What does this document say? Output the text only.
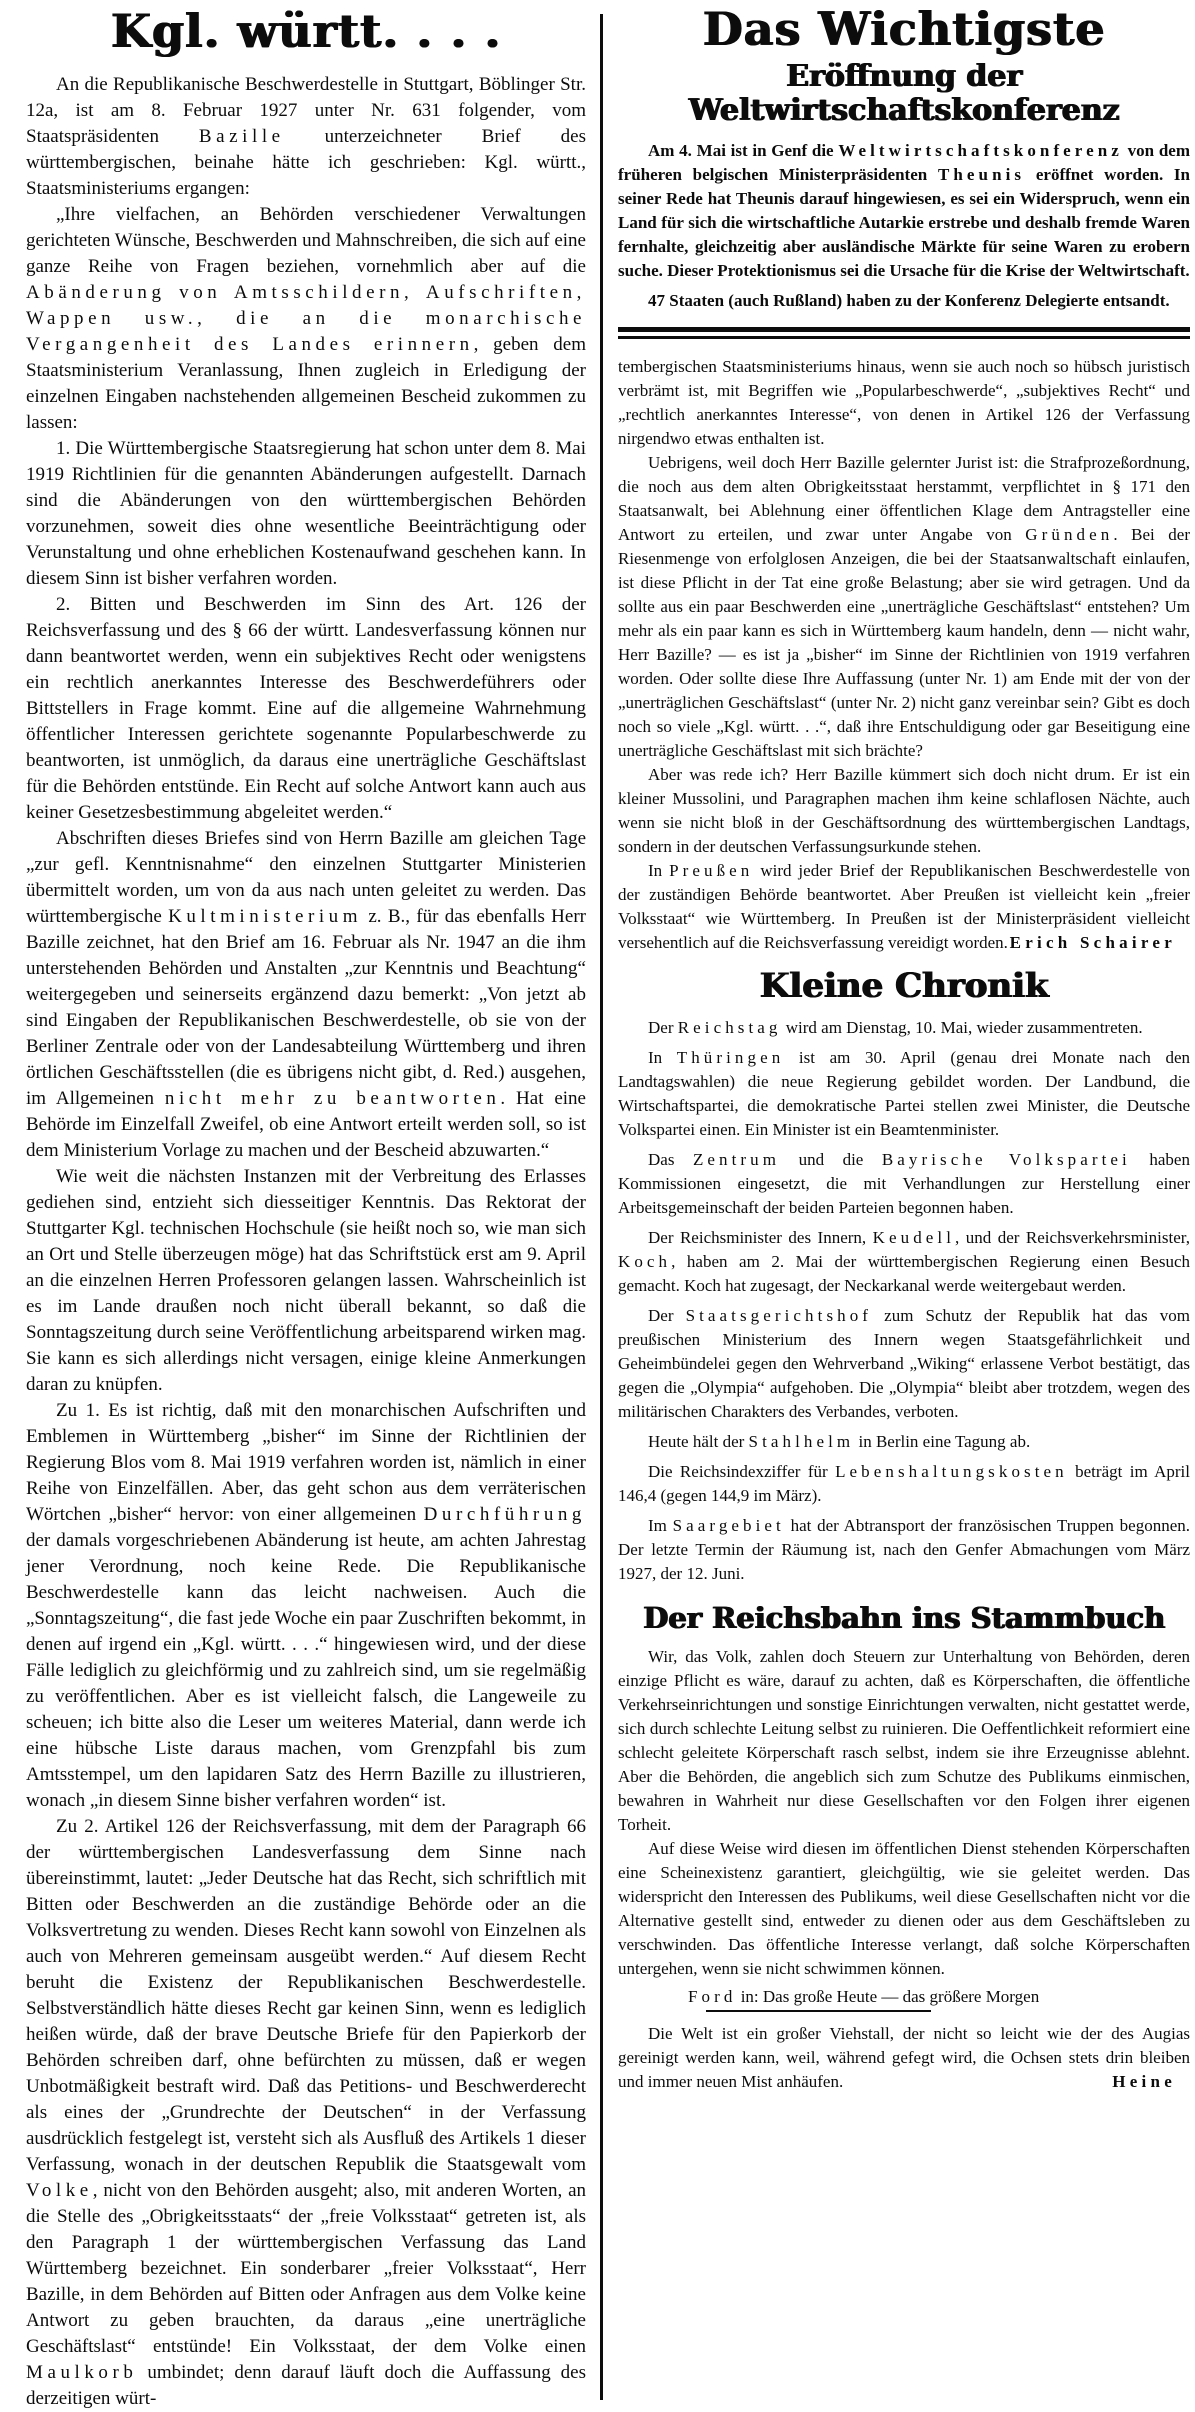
Kgl. württ. . . .

An die Republikanische Beschwerdestelle in Stuttgart, Böblinger Str. 12a, ist am 8. Februar 1927 unter Nr. 631 folgender, vom Staatspräsidenten Bazille unterzeichneter Brief des württembergischen, beinahe hätte ich geschrieben: Kgl. württ., Staatsministeriums ergangen:

„Ihre vielfachen, an Behörden verschiedener Verwaltungen gerichteten Wünsche, Beschwerden und Mahnschreiben, die sich auf eine ganze Reihe von Fragen beziehen, vornehmlich aber auf die Abänderung von Amtsschildern, Aufschriften, Wappen usw., die an die monarchische Vergangenheit des Landes erinnern, geben dem Staatsministerium Veranlassung, Ihnen zugleich in Erledigung der einzelnen Eingaben nachstehenden allgemeinen Bescheid zukommen zu lassen:

1. Die Württembergische Staatsregierung hat schon unter dem 8. Mai 1919 Richtlinien für die genannten Abänderungen aufgestellt. Darnach sind die Abänderungen von den württembergischen Behörden vorzunehmen, soweit dies ohne wesentliche Beeinträchtigung oder Verunstaltung und ohne erheblichen Kostenaufwand geschehen kann. In diesem Sinn ist bisher verfahren worden.

2. Bitten und Beschwerden im Sinn des Art. 126 der Reichsverfassung und des § 66 der württ. Landesverfassung können nur dann beantwortet werden, wenn ein subjektives Recht oder wenigstens ein rechtlich anerkanntes Interesse des Beschwerdeführers oder Bittstellers in Frage kommt. Eine auf die allgemeine Wahrnehmung öffentlicher Interessen gerichtete sogenannte Popularbeschwerde zu beantworten, ist unmöglich, da daraus eine unerträgliche Geschäftslast für die Behörden entstünde. Ein Recht auf solche Antwort kann auch aus keiner Gesetzesbestimmung abgeleitet werden.“

Abschriften dieses Briefes sind von Herrn Bazille am gleichen Tage „zur gefl. Kenntnisnahme“ den einzelnen Stuttgarter Ministerien übermittelt worden, um von da aus nach unten geleitet zu werden. Das württembergische Kultministerium z. B., für das ebenfalls Herr Bazille zeichnet, hat den Brief am 16. Februar als Nr. 1947 an die ihm unterstehenden Behörden und Anstalten „zur Kenntnis und Beachtung“ weitergegeben und seinerseits ergänzend dazu bemerkt: „Von jetzt ab sind Eingaben der Republikanischen Beschwerdestelle, ob sie von der Berliner Zentrale oder von der Landesabteilung Württemberg und ihren örtlichen Geschäftsstellen (die es übrigens nicht gibt, d. Red.) ausgehen, im Allgemeinen nicht mehr zu beantworten. Hat eine Behörde im Einzelfall Zweifel, ob eine Antwort erteilt werden soll, so ist dem Ministerium Vorlage zu machen und der Bescheid abzuwarten.“

Wie weit die nächsten Instanzen mit der Verbreitung des Erlasses gediehen sind, entzieht sich diesseitiger Kenntnis. Das Rektorat der Stuttgarter Kgl. technischen Hochschule (sie heißt noch so, wie man sich an Ort und Stelle überzeugen möge) hat das Schriftstück erst am 9. April an die einzelnen Herren Professoren gelangen lassen. Wahrscheinlich ist es im Lande draußen noch nicht überall bekannt, so daß die Sonntagszeitung durch seine Veröffentlichung arbeitsparend wirken mag. Sie kann es sich allerdings nicht versagen, einige kleine Anmerkungen daran zu knüpfen.

Zu 1. Es ist richtig, daß mit den monarchischen Aufschriften und Emblemen in Württemberg „bisher“ im Sinne der Richtlinien der Regierung Blos vom 8. Mai 1919 verfahren worden ist, nämlich in einer Reihe von Einzelfällen. Aber, das geht schon aus dem verräterischen Wörtchen „bisher“ hervor: von einer allgemeinen Durchführung der damals vorgeschriebenen Abänderung ist heute, am achten Jahrestag jener Verordnung, noch keine Rede. Die Republikanische Beschwerdestelle kann das leicht nachweisen. Auch die „Sonntagszeitung“, die fast jede Woche ein paar Zuschriften bekommt, in denen auf irgend ein „Kgl. württ. . . .“ hingewiesen wird, und der diese Fälle lediglich zu gleichförmig und zu zahlreich sind, um sie regelmäßig zu veröffentlichen. Aber es ist vielleicht falsch, die Langeweile zu scheuen; ich bitte also die Leser um weiteres Material, dann werde ich eine hübsche Liste daraus machen, vom Grenzpfahl bis zum Amtsstempel, um den lapidaren Satz des Herrn Bazille zu illustrieren, wonach „in diesem Sinne bisher verfahren worden“ ist.

Zu 2. Artikel 126 der Reichsverfassung, mit dem der Paragraph 66 der württembergischen Landesverfassung dem Sinne nach übereinstimmt, lautet: „Jeder Deutsche hat das Recht, sich schriftlich mit Bitten oder Beschwerden an die zuständige Behörde oder an die Volksvertretung zu wenden. Dieses Recht kann sowohl von Einzelnen als auch von Mehreren gemeinsam ausgeübt werden.“ Auf diesem Recht beruht die Existenz der Republikanischen Beschwerdestelle. Selbstverständlich hätte dieses Recht gar keinen Sinn, wenn es lediglich heißen würde, daß der brave Deutsche Briefe für den Papierkorb der Behörden schreiben darf, ohne befürchten zu müssen, daß er wegen Unbotmäßigkeit bestraft wird. Daß das Petitions- und Beschwerderecht als eines der „Grundrechte der Deutschen“ in der Verfassung ausdrücklich festgelegt ist, versteht sich als Ausfluß des Artikels 1 dieser Verfassung, wonach in der deutschen Republik die Staatsgewalt vom Volke, nicht von den Behörden ausgeht; also, mit anderen Worten, an die Stelle des „Obrigkeitsstaats“ der „freie Volksstaat“ getreten ist, als den Paragraph 1 der württembergischen Verfassung das Land Württemberg bezeichnet. Ein sonderbarer „freier Volksstaat“, Herr Bazille, in dem Behörden auf Bitten oder Anfragen aus dem Volke keine Antwort zu geben brauchten, da daraus „eine unerträgliche Geschäftslast“ entstünde! Ein Volksstaat, der dem Volke einen Maulkorb umbindet; denn darauf läuft doch die Auffassung des derzeitigen würt-

Das Wichtigste
Eröffnung der Weltwirtschaftskonferenz

Am 4. Mai ist in Genf die Weltwirtschaftskonferenz von dem früheren belgischen Ministerpräsidenten Theunis eröffnet worden. In seiner Rede hat Theunis darauf hingewiesen, es sei ein Widerspruch, wenn ein Land für sich die wirtschaftliche Autarkie erstrebe und deshalb fremde Waren fernhalte, gleichzeitig aber ausländische Märkte für seine Waren zu erobern suche. Dieser Protektionismus sei die Ursache für die Krise der Weltwirtschaft.

47 Staaten (auch Rußland) haben zu der Konferenz Delegierte entsandt.

tembergischen Staatsministeriums hinaus, wenn sie auch noch so hübsch juristisch verbrämt ist, mit Begriffen wie „Popularbeschwerde“, „subjektives Recht“ und „rechtlich anerkanntes Interesse“, von denen in Artikel 126 der Verfassung nirgendwo etwas enthalten ist.

Uebrigens, weil doch Herr Bazille gelernter Jurist ist: die Strafprozeßordnung, die noch aus dem alten Obrigkeitsstaat herstammt, verpflichtet in § 171 den Staatsanwalt, bei Ablehnung einer öffentlichen Klage dem Antragsteller eine Antwort zu erteilen, und zwar unter Angabe von Gründen. Bei der Riesenmenge von erfolglosen Anzeigen, die bei der Staatsanwaltschaft einlaufen, ist diese Pflicht in der Tat eine große Belastung; aber sie wird getragen. Und da sollte aus ein paar Beschwerden eine „unerträgliche Geschäftslast“ entstehen? Um mehr als ein paar kann es sich in Württemberg kaum handeln, denn — nicht wahr, Herr Bazille? — es ist ja „bisher“ im Sinne der Richtlinien von 1919 verfahren worden. Oder sollte diese Ihre Auffassung (unter Nr. 1) am Ende mit der von der „unerträglichen Geschäftslast“ (unter Nr. 2) nicht ganz vereinbar sein? Gibt es doch noch so viele „Kgl. württ. . .“, daß ihre Entschuldigung oder gar Beseitigung eine unerträgliche Geschäftslast mit sich brächte?

Aber was rede ich? Herr Bazille kümmert sich doch nicht drum. Er ist ein kleiner Mussolini, und Paragraphen machen ihm keine schlaflosen Nächte, auch wenn sie nicht bloß in der Geschäftsordnung des württembergischen Landtags, sondern in der deutschen Verfassungsurkunde stehen.

In Preußen wird jeder Brief der Republikanischen Beschwerdestelle von der zuständigen Behörde beantwortet. Aber Preußen ist vielleicht kein „freier Volksstaat“ wie Württemberg. In Preußen ist der Ministerpräsident vielleicht versehentlich auf die Reichsverfassung vereidigt worden. Erich Schairer
Kleine Chronik

Der Reichstag wird am Dienstag, 10. Mai, wieder zusammentreten.

In Thüringen ist am 30. April (genau drei Monate nach den Landtagswahlen) die neue Regierung gebildet worden. Der Landbund, die Wirtschaftspartei, die demokratische Partei stellen zwei Minister, die Deutsche Volkspartei einen. Ein Minister ist ein Beamtenminister.

Das Zentrum und die Bayrische Volkspartei haben Kommissionen eingesetzt, die mit Verhandlungen zur Herstellung einer Arbeitsgemeinschaft der beiden Parteien begonnen haben.

Der Reichsminister des Innern, Keudell, und der Reichsverkehrsminister, Koch, haben am 2. Mai der württembergischen Regierung einen Besuch gemacht. Koch hat zugesagt, der Neckarkanal werde weitergebaut werden.

Der Staatsgerichtshof zum Schutz der Republik hat das vom preußischen Ministerium des Innern wegen Staatsgefährlichkeit und Geheimbündelei gegen den Wehrverband „Wiking“ erlassene Verbot bestätigt, das gegen die „Olympia“ aufgehoben. Die „Olympia“ bleibt aber trotzdem, wegen des militärischen Charakters des Verbandes, verboten.

Heute hält der Stahlhelm in Berlin eine Tagung ab.

Die Reichsindexziffer für Lebenshaltungskosten beträgt im April 146,4 (gegen 144,9 im März).

Im Saargebiet hat der Abtransport der französischen Truppen begonnen. Der letzte Termin der Räumung ist, nach den Genfer Abmachungen vom März 1927, der 12. Juni.

Der Reichsbahn ins Stammbuch

Wir, das Volk, zahlen doch Steuern zur Unterhaltung von Behörden, deren einzige Pflicht es wäre, darauf zu achten, daß es Körperschaften, die öffentliche Verkehrseinrichtungen und sonstige Einrichtungen verwalten, nicht gestattet werde, sich durch schlechte Leitung selbst zu ruinieren. Die Oeffentlichkeit reformiert eine schlecht geleitete Körperschaft rasch selbst, indem sie ihre Erzeugnisse ablehnt. Aber die Behörden, die angeblich sich zum Schutze des Publikums einmischen, bewahren in Wahrheit nur diese Gesellschaften vor den Folgen ihrer eigenen Torheit.

Auf diese Weise wird diesen im öffentlichen Dienst stehenden Körperschaften eine Scheinexistenz garantiert, gleichgültig, wie sie geleitet werden. Das widerspricht den Interessen des Publikums, weil diese Gesellschaften nicht vor die Alternative gestellt sind, entweder zu dienen oder aus dem Geschäftsleben zu verschwinden. Das öffentliche Interesse verlangt, daß solche Körperschaften untergehen, wenn sie nicht schwimmen können.

Ford in: Das große Heute — das größere Morgen

Die Welt ist ein großer Viehstall, der nicht so leicht wie der des Augias gereinigt werden kann, weil, während gefegt wird, die Ochsen stets drin bleiben und immer neuen Mist anhäufen.	Heine
